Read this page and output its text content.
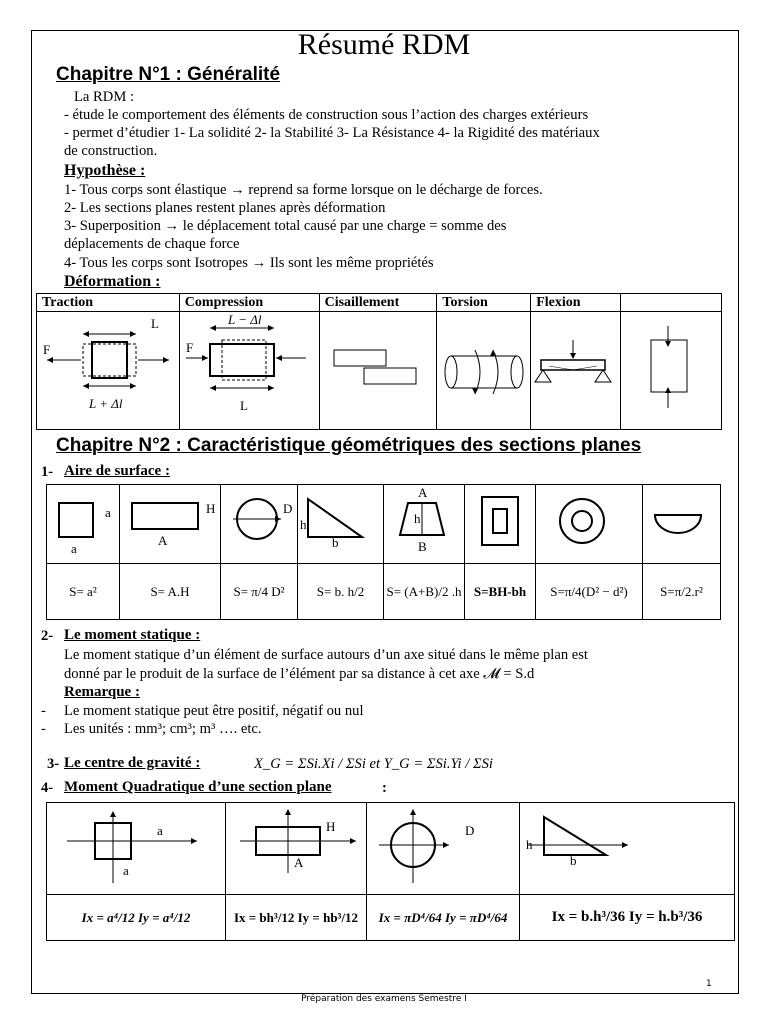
Résumé RDM
Chapitre N°1 : Généralité
La RDM :
- étude le comportement des éléments de construction sous l’action des charges extérieurs
- permet d’étudier 1- La solidité 2- la Stabilité 3- La Résistance 4- la Rigidité des matériaux
de construction.
Hypothèse :
1- Tous corps sont élastique → reprend sa forme lorsque on le décharge de forces.
2- Les sections planes restent planes après déformation
3- Superposition → le déplacement total causé par une charge = somme des
déplacements de chaque force
4- Tous les corps sont Isotropes → Ils sont les même propriétés
Déformation :
Traction	Compression	Cisaillement	Torsion	Flexion	

L
F
L + Δl	L − Δl
F
L

Chapitre N°2 : Caractéristique géométriques des sections planes
1- Aire de surface :
a
a	H
A	D	h
b	A
h
B

S= a²	S= A.H	S= π/4 D²	S= b. h/2	S= (A+B)/2 .h	S=BH-bh	S=π/4(D² − d²)	S=π/2.r²
2- Le moment statique :
Le moment statique d’un élément de surface autours d’un axe situé dans le même plan est
donné par le produit de la surface de l’élément par sa distance à cet axe 𝓜 = S.d
Remarque :
- Le moment statique peut être positif, négatif ou nul
- Les unités : mm³; cm³; m³ …. etc.
3- Le centre de gravité :	X_G = ΣSi.Xi / ΣSi et Y_G = ΣSi.Yi / ΣSi
4- Moment Quadratique d’une section plane	:
a
a	H
A	D	h
b

Ix = a⁴/12 Iy = a⁴/12	Ix = bh³/12 Iy = hb³/12	Ix = πD⁴/64 Iy = πD⁴/64	Ix = b.h³/36 Iy = h.b³/36
1
Préparation des examens Semestre I
